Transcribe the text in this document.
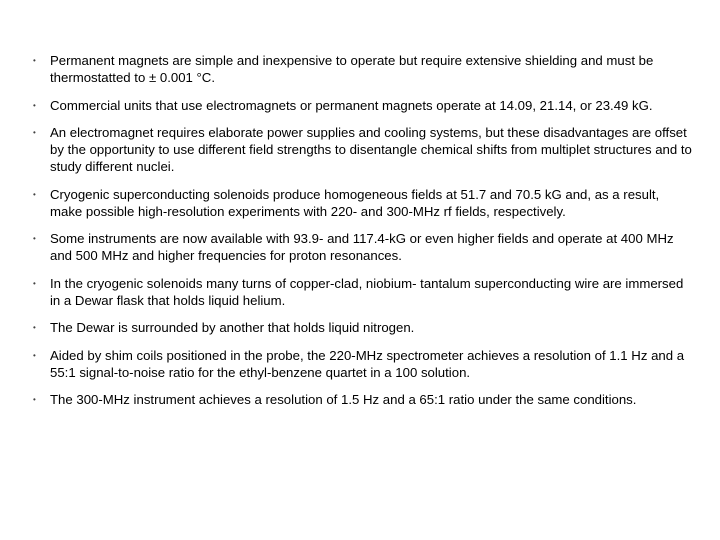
• Permanent magnets are simple and inexpensive to operate but require extensive shielding and must be thermostatted to ± 0.001 °C.
• Commercial units that use electromagnets or permanent magnets operate at 14.09, 21.14, or 23.49 kG.
• An electromagnet requires elaborate power supplies and cooling systems, but these disadvantages are offset by the opportunity to use different field strengths to disentangle chemical shifts from multiplet structures and to study different nuclei.
• Cryogenic superconducting solenoids produce homogeneous fields at 51.7 and 70.5 kG and, as a result, make possible high-resolution experiments with 220- and 300-MHz rf fields, respectively.
• Some instruments are now available with 93.9- and 117.4-kG or even higher fields and operate at 400 MHz and 500 MHz and higher frequencies for proton resonances.
• In the cryogenic solenoids many turns of copper-clad, niobium- tantalum superconducting wire are immersed in a Dewar flask that holds liquid helium.
• The Dewar is surrounded by another that holds liquid nitrogen.
• Aided by shim coils positioned in the probe, the 220-MHz spectrometer achieves a resolution of 1.1 Hz and a 55:1 signal-to-noise ratio for the ethyl-benzene quartet in a 100 solution.
• The 300-MHz instrument achieves a resolution of 1.5 Hz and a 65:1 ratio under the same conditions.
